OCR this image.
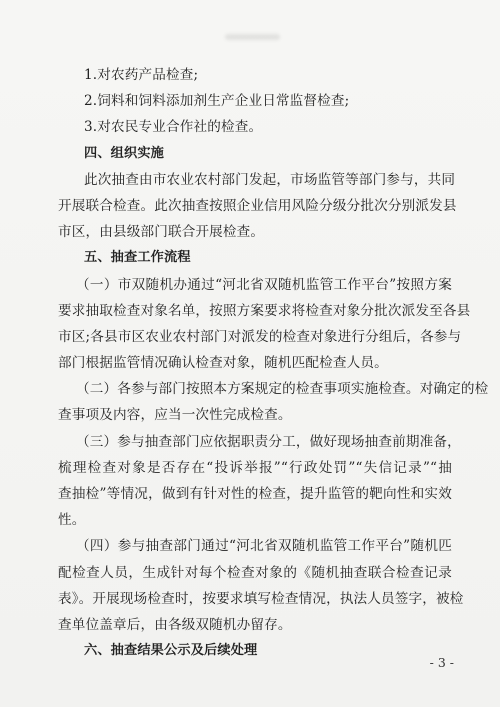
1.对农药产品检查;
2.饲料和饲料添加剂生产企业日常监督检查;
3.对农民专业合作社的检查。
四、组织实施
此次抽查由市农业农村部门发起，市场监管等部门参与，共同
开展联合检查。此次抽查按照企业信用风险分级分批次分别派发县
市区，由县级部门联合开展检查。
五、抽查工作流程
（一）市双随机办通过“河北省双随机监管工作平台”按照方案
要求抽取检查对象名单，按照方案要求将检查对象分批次派发至各县
市区;各县市区农业农村部门对派发的检查对象进行分组后，各参与
部门根据监管情况确认检查对象，随机匹配检查人员。
（二）各参与部门按照本方案规定的检查事项实施检查。对确定的检
查事项及内容，应当一次性完成检查。
（三）参与抽查部门应依据职责分工，做好现场抽查前期准备，
梳理检查对象是否存在“投诉举报”“行政处罚”“失信记录”“抽
查抽检”等情况，做到有针对性的检查，提升监管的靶向性和实效
性。
（四）参与抽查部门通过“河北省双随机监管工作平台”随机匹
配检查人员，生成针对每个检查对象的《随机抽查联合检查记录
表》。开展现场检查时，按要求填写检查情况，执法人员签字，被检
查单位盖章后，由各级双随机办留存。
六、抽查结果公示及后续处理
- 3 -
